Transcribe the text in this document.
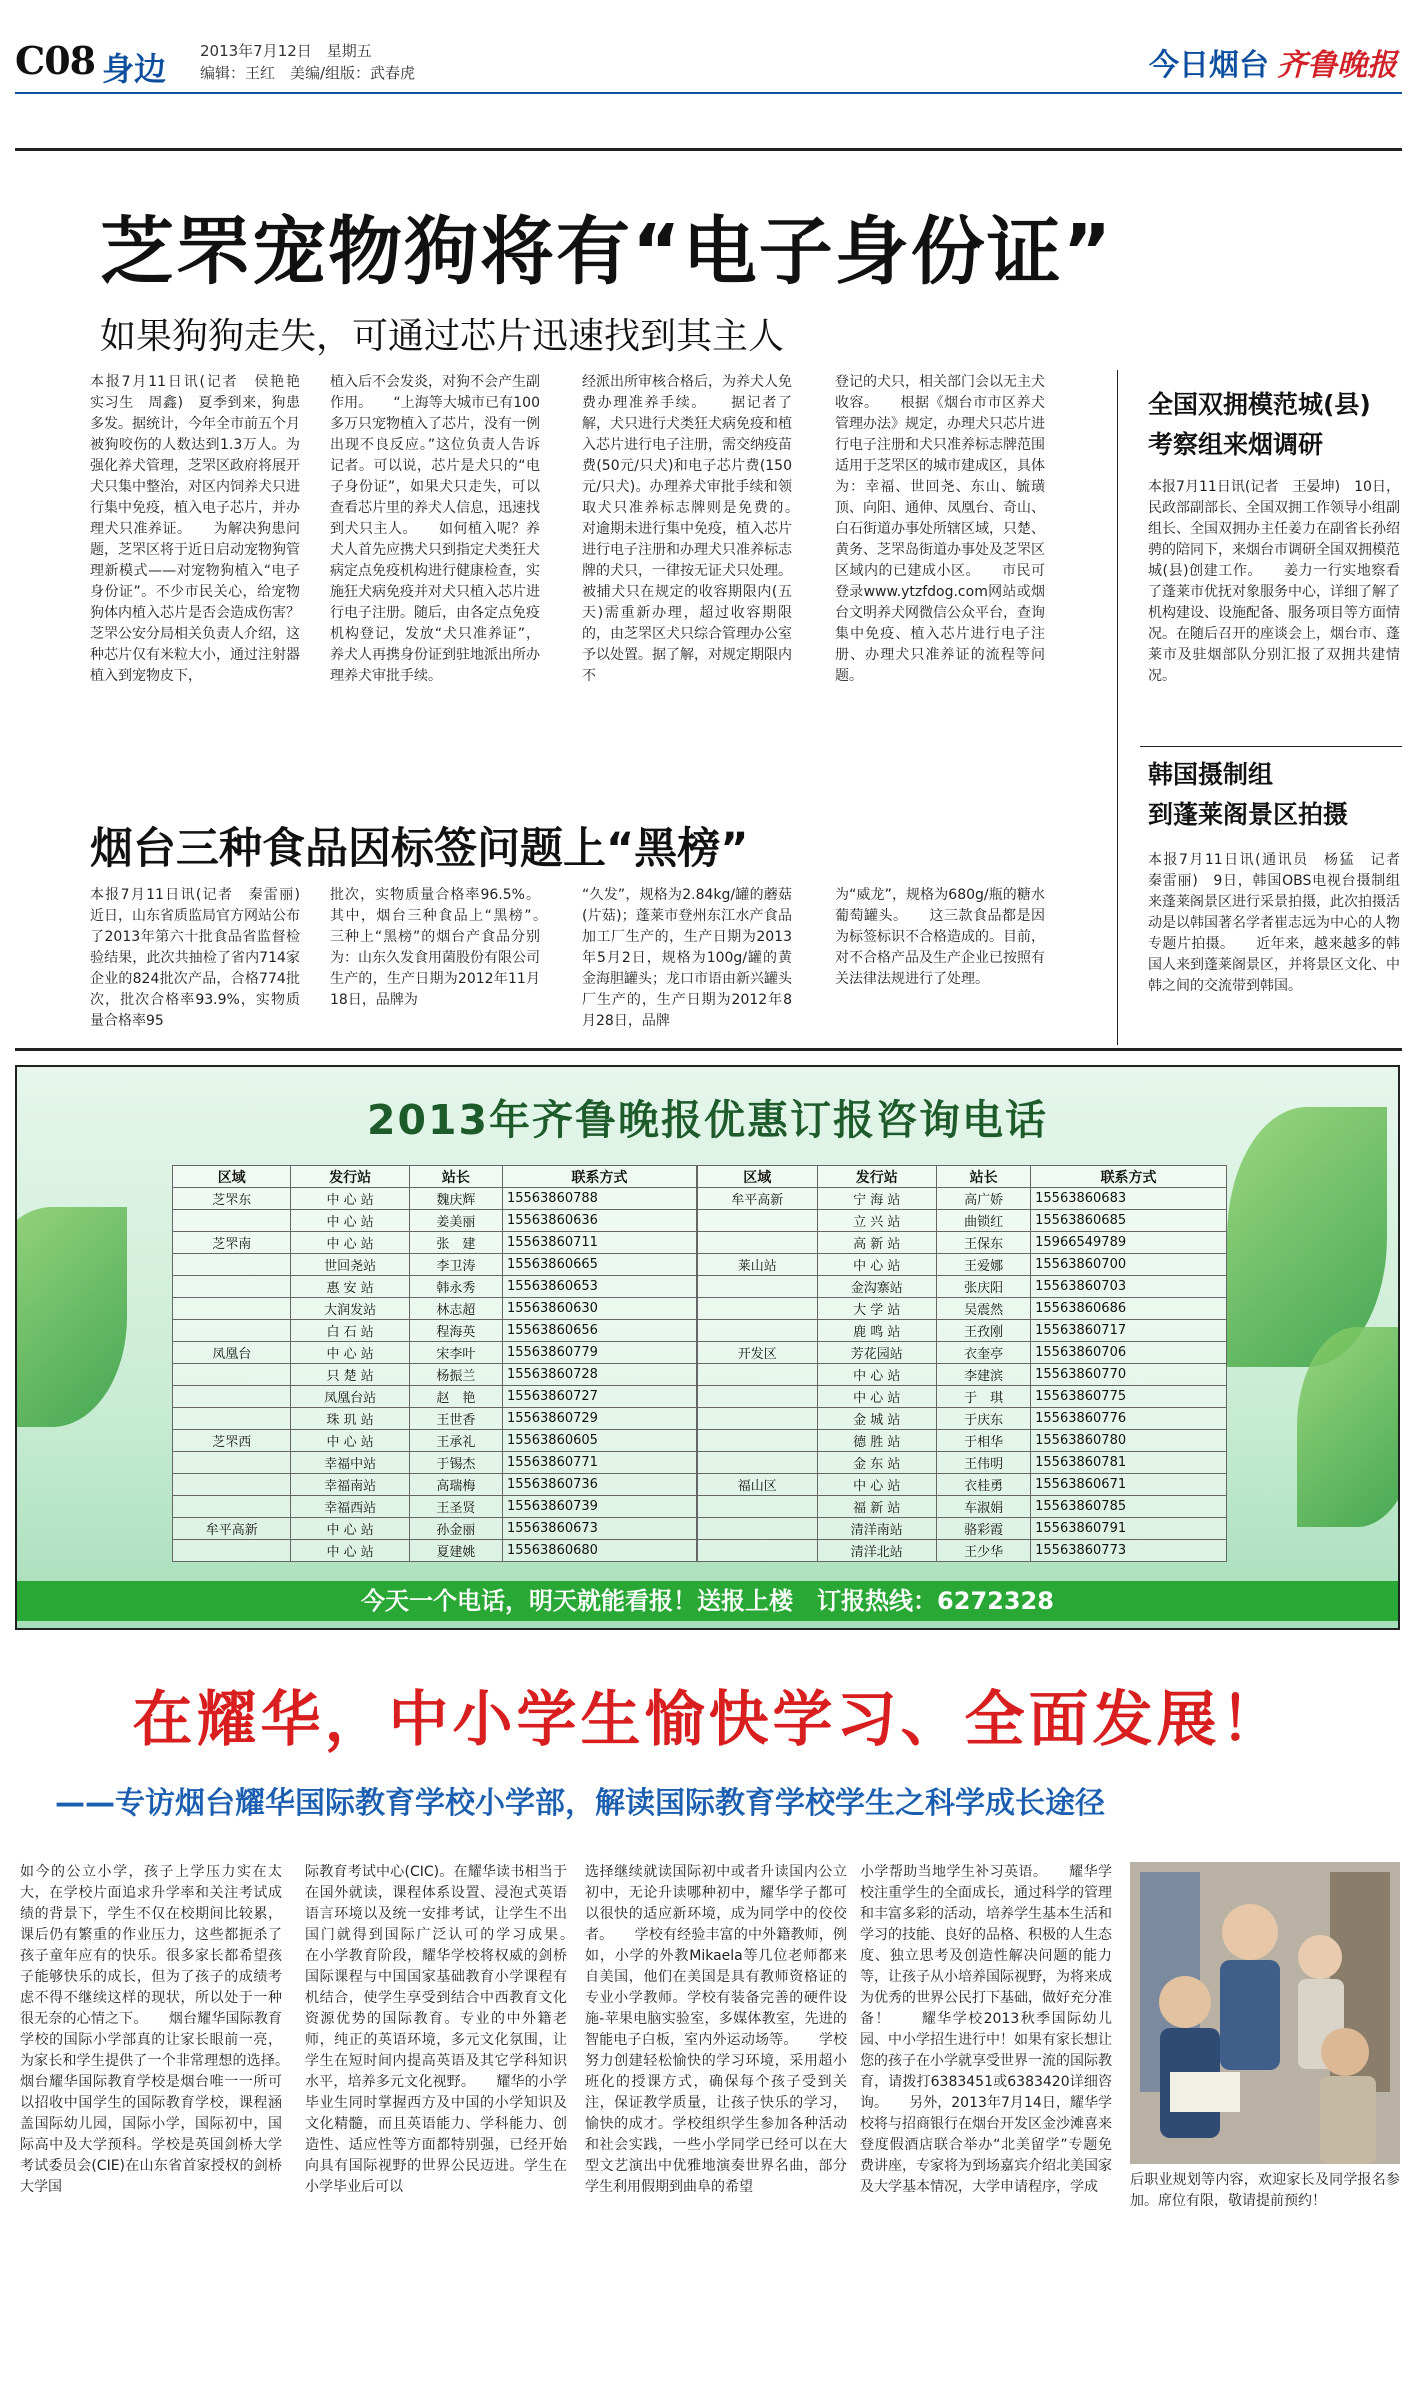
C08 身边 2013年7月12日　星期五
编辑：王红　美编/组版：武春虎	今日烟台 齐鲁晚报
芝罘宠物狗将有“电子身份证”
如果狗狗走失，可通过芯片迅速找到其主人
本报7月11日讯(记者　侯艳艳　实习生　周鑫)　夏季到来，狗患多发。据统计，今年全市前五个月被狗咬伤的人数达到1.3万人。为强化养犬管理，芝罘区政府将展开犬只集中整治，对区内饲养犬只进行集中免疫，植入电子芯片，并办理犬只准养证。　　为解决狗患问题，芝罘区将于近日启动宠物狗管理新模式——对宠物狗植入“电子身份证”。不少市民关心，给宠物狗体内植入芯片是否会造成伤害？芝罘公安分局相关负责人介绍，这种芯片仅有米粒大小，通过注射器植入到宠物皮下，
植入后不会发炎，对狗不会产生副作用。　　“上海等大城市已有100多万只宠物植入了芯片，没有一例出现不良反应。”这位负责人告诉记者。可以说，芯片是犬只的“电子身份证”，如果犬只走失，可以查看芯片里的养犬人信息，迅速找到犬只主人。　　如何植入呢？养犬人首先应携犬只到指定犬类狂犬病定点免疫机构进行健康检查，实施狂犬病免疫并对犬只植入芯片进行电子注册。随后，由各定点免疫机构登记，发放“犬只准养证”，养犬人再携身份证到驻地派出所办理养犬审批手续。
经派出所审核合格后，为养犬人免费办理准养手续。　　据记者了解，犬只进行犬类狂犬病免疫和植入芯片进行电子注册，需交纳疫苗费(50元/只犬)和电子芯片费(150元/只犬)。办理养犬审批手续和领取犬只准养标志牌则是免费的。　　对逾期未进行集中免疫，植入芯片进行电子注册和办理犬只准养标志牌的犬只，一律按无证犬只处理。被捕犬只在规定的收容期限内(五天)需重新办理，超过收容期限的，由芝罘区犬只综合管理办公室予以处置。据了解，对规定期限内不
登记的犬只，相关部门会以无主犬收容。　　根据《烟台市市区养犬管理办法》规定，办理犬只芯片进行电子注册和犬只准养标志牌范围适用于芝罘区的城市建成区，具体为：幸福、世回尧、东山、毓璜顶、向阳、通伸、凤凰台、奇山、白石街道办事处所辖区域，只楚、黄务、芝罘岛街道办事处及芝罘区区域内的已建成小区。　　市民可登录www.ytzfdog.com网站或烟台文明养犬网微信公众平台，查询集中免疫、植入芯片进行电子注册、办理犬只准养证的流程等问题。
全国双拥模范城(县)
考察组来烟调研
本报7月11日讯(记者　王晏坤)　10日，民政部副部长、全国双拥工作领导小组副组长、全国双拥办主任姜力在副省长孙绍骋的陪同下，来烟台市调研全国双拥模范城(县)创建工作。　　姜力一行实地察看了蓬莱市优抚对象服务中心，详细了解了机构建设、设施配备、服务项目等方面情况。在随后召开的座谈会上，烟台市、蓬莱市及驻烟部队分别汇报了双拥共建情况。
韩国摄制组
到蓬莱阁景区拍摄
本报7月11日讯(通讯员　杨猛　记者　秦雷丽)　9日，韩国OBS电视台摄制组来蓬莱阁景区进行采景拍摄，此次拍摄活动是以韩国著名学者崔志远为中心的人物专题片拍摄。　　近年来，越来越多的韩国人来到蓬莱阁景区，并将景区文化、中韩之间的交流带到韩国。
烟台三种食品因标签问题上“黑榜”
本报7月11日讯(记者　秦雷丽)　近日，山东省质监局官方网站公布了2013年第六十批食品省监督检验结果，此次共抽检了省内714家企业的824批次产品，合格774批次，批次合格率93.9%，实物质量合格率95
批次，实物质量合格率96.5%。其中，烟台三种食品上“黑榜”。　　三种上“黑榜”的烟台产食品分别为：山东久发食用菌股份有限公司生产的，生产日期为2012年11月18日，品牌为
“久发”，规格为2.84kg/罐的蘑菇(片菇)；蓬莱市登州东江水产食品加工厂生产的，生产日期为2013年5月2日，规格为100g/罐的黄金海胆罐头；龙口市语由新兴罐头厂生产的，生产日期为2012年8月28日，品牌
为“威龙”，规格为680g/瓶的糖水葡萄罐头。　　这三款食品都是因为标签标识不合格造成的。目前，对不合格产品及生产企业已按照有关法律法规进行了处理。
2013年齐鲁晚报优惠订报咨询电话
区域	发行站	站长	联系方式
芝罘东	中 心 站	魏庆辉	15563860788
	中 心 站	姜美丽	15563860636
芝罘南	中 心 站	张　建	15563860711
	世回尧站	李卫涛	15563860665
	惠 安 站	韩永秀	15563860653
	大润发站	林志超	15563860630
	白 石 站	程海英	15563860656
凤凰台	中 心 站	宋李叶	15563860779
	只 楚 站	杨振兰	15563860728
	凤凰台站	赵　艳	15563860727
	珠 玑 站	王世香	15563860729
芝罘西	中 心 站	王承礼	15563860605
	幸福中站	于锡杰	15563860771
	幸福南站	高瑞梅	15563860736
	幸福西站	王圣贤	15563860739
牟平高新	中 心 站	孙金丽	15563860673
	中 心 站	夏建姚	15563860680
区域	发行站	站长	联系方式
牟平高新	宁 海 站	高广娇	15563860683
	立 兴 站	曲锁红	15563860685
	高 新 站	王保东	15966549789
莱山站	中 心 站	王爱娜	15563860700
	金沟寨站	张庆阳	15563860703
	大 学 站	吴震然	15563860686
	鹿 鸣 站	王孜刚	15563860717
开发区	芳花园站	衣奎亭	15563860706
	中 心 站	李建滨	15563860770
	中 心 站	于　琪	15563860775
	金 城 站	于庆东	15563860776
	德 胜 站	于相华	15563860780
	金 东 站	王伟明	15563860781
福山区	中 心 站	衣桂勇	15563860671
	福 新 站	车淑娟	15563860785
	清洋南站	骆彩霞	15563860791
	清洋北站	王少华	15563860773
今天一个电话，明天就能看报！送报上楼　订报热线：6272328
在耀华，中小学生愉快学习、全面发展！
——专访烟台耀华国际教育学校小学部，解读国际教育学校学生之科学成长途径
如今的公立小学，孩子上学压力实在太大，在学校片面追求升学率和关注考试成绩的背景下，学生不仅在校期间比较累，课后仍有繁重的作业压力，这些都扼杀了孩子童年应有的快乐。很多家长都希望孩子能够快乐的成长，但为了孩子的成绩考虑不得不继续这样的现状，所以处于一种很无奈的心情之下。　　烟台耀华国际教育学校的国际小学部真的让家长眼前一亮，为家长和学生提供了一个非常理想的选择。　　烟台耀华国际教育学校是烟台唯一一所可以招收中国学生的国际教育学校，课程涵盖国际幼儿园，国际小学，国际初中，国际高中及大学预科。学校是英国剑桥大学考试委员会(CIE)在山东省首家授权的剑桥大学国
际教育考试中心(CIC)。在耀华读书相当于在国外就读，课程体系设置、浸泡式英语语言环境以及统一安排考试，让学生不出国门就得到国际广泛认可的学习成果。　　在小学教育阶段，耀华学校将权威的剑桥国际课程与中国国家基础教育小学课程有机结合，使学生享受到结合中西教育文化资源优势的国际教育。专业的中外籍老师，纯正的英语环境，多元文化氛围，让学生在短时间内提高英语及其它学科知识水平，培养多元文化视野。　　耀华的小学毕业生同时掌握西方及中国的小学知识及文化精髓，而且英语能力、学科能力、创造性、适应性等方面都特别强，已经开始向具有国际视野的世界公民迈进。学生在小学毕业后可以
选择继续就读国际初中或者升读国内公立初中，无论升读哪种初中，耀华学子都可以很快的适应新环境，成为同学中的佼佼者。　　学校有经验丰富的中外籍教师，例如，小学的外教Mikaela等几位老师都来自美国，他们在美国是具有教师资格证的专业小学教师。学校有装备完善的硬件设施-苹果电脑实验室，多媒体教室，先进的智能电子白板，室内外运动场等。　　学校努力创建轻松愉快的学习环境，采用超小班化的授课方式，确保每个孩子受到关注，保证教学质量，让孩子快乐的学习，愉快的成才。学校组织学生参加各种活动和社会实践，一些小学同学已经可以在大型文艺演出中优雅地演奏世界名曲，部分学生利用假期到曲阜的希望
小学帮助当地学生补习英语。　　耀华学校注重学生的全面成长，通过科学的管理和丰富多彩的活动，培养学生基本生活和学习的技能、良好的品格、积极的人生态度、独立思考及创造性解决问题的能力等，让孩子从小培养国际视野，为将来成为优秀的世界公民打下基础，做好充分准备！　　耀华学校2013秋季国际幼儿园、中小学招生进行中！如果有家长想让您的孩子在小学就享受世界一流的国际教育，请拨打6383451或6383420详细咨询。　　另外，2013年7月14日，耀华学校将与招商银行在烟台开发区金沙滩喜来登度假酒店联合举办“北美留学”专题免费讲座，专家将为到场嘉宾介绍北美国家及大学基本情况，大学申请程序，学成	后职业规划等内容，欢迎家长及同学报名参加。席位有限，敬请提前预约！
